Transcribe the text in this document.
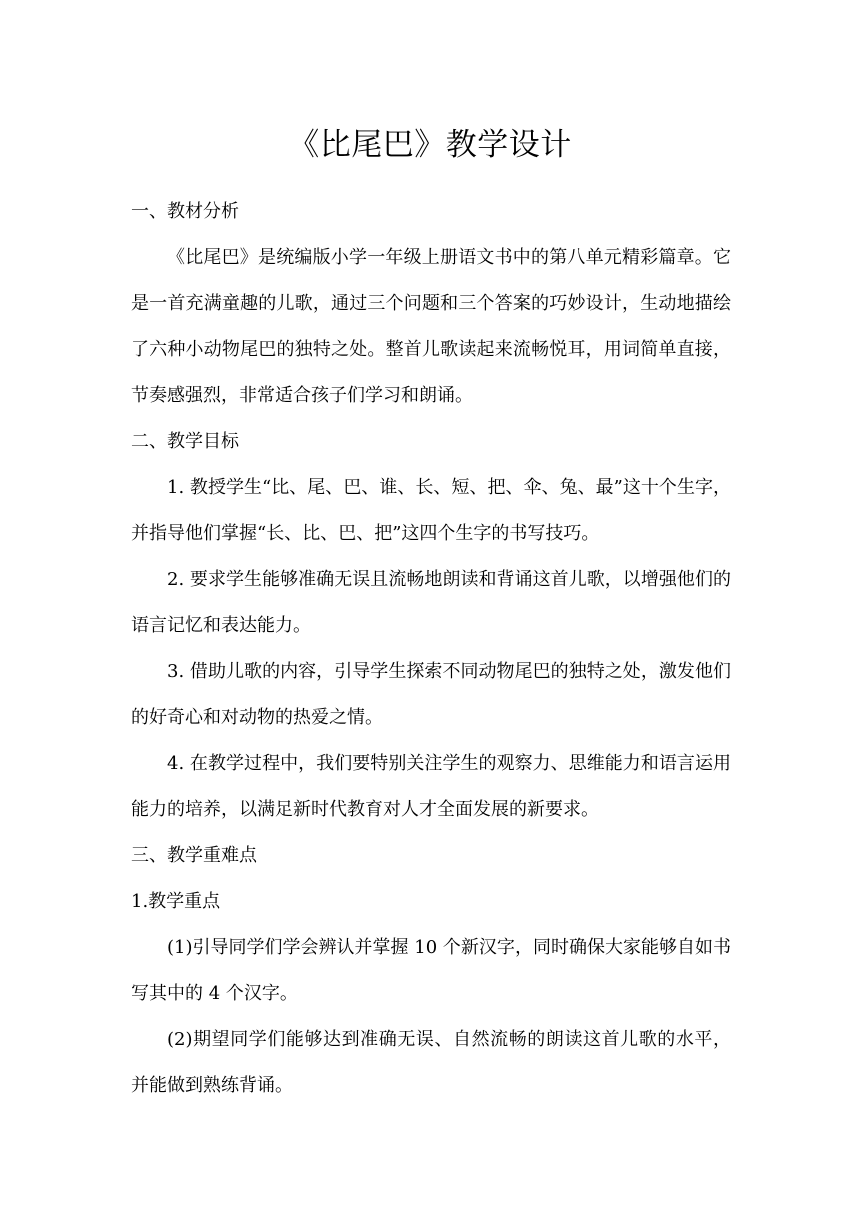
《比尾巴》教学设计

一、教材分析

《比尾巴》是统编版小学一年级上册语文书中的第八单元精彩篇章。它是一首充满童趣的儿歌，通过三个问题和三个答案的巧妙设计，生动地描绘了六种小动物尾巴的独特之处。整首儿歌读起来流畅悦耳，用词简单直接，节奏感强烈，非常适合孩子们学习和朗诵。

二、教学目标

1. 教授学生“比、尾、巴、谁、长、短、把、伞、兔、最”这十个生字，并指导他们掌握“长、比、巴、把”这四个生字的书写技巧。

2. 要求学生能够准确无误且流畅地朗读和背诵这首儿歌，以增强他们的语言记忆和表达能力。

3. 借助儿歌的内容，引导学生探索不同动物尾巴的独特之处，激发他们的好奇心和对动物的热爱之情。

4. 在教学过程中，我们要特别关注学生的观察力、思维能力和语言运用能力的培养，以满足新时代教育对人才全面发展的新要求。

三、教学重难点

1.教学重点

(1)引导同学们学会辨认并掌握 10 个新汉字，同时确保大家能够自如书写其中的 4 个汉字。

(2)期望同学们能够达到准确无误、自然流畅的朗读这首儿歌的水平，并能做到熟练背诵。
